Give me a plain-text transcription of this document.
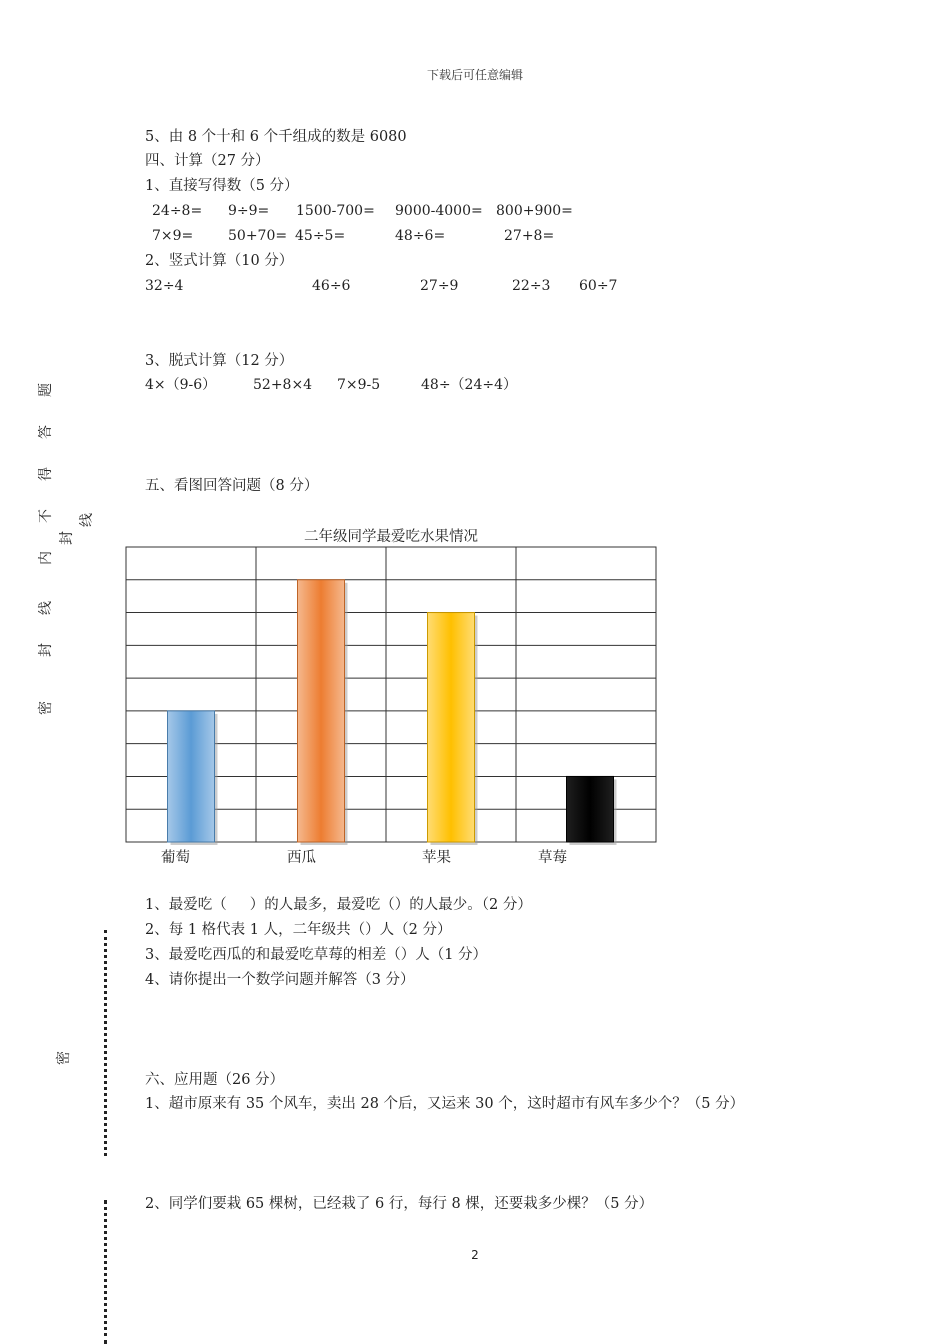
下载后可任意编辑
题
答
得
不
内
线
封
密
封
线
密
5、由 8 个十和 6 个千组成的数是 6080
四、计算（27 分）
1、直接写得数（5 分）
24÷8= 9÷9= 1500-700= 9000-4000= 800+900=
7×9= 50+70= 45÷5=	48÷6=	27+8=
2、竖式计算（10 分）
32÷4	46÷6	27÷9	22÷3 60÷7
3、脱式计算（12 分）
4×（9-6）	52+8×4 7×9-5	48÷（24÷4）
五、看图回答问题（8 分）
二年级同学最爱吃水果情况
葡萄	西瓜	苹果	草莓
1、最爱吃（     ）的人最多，最爱吃（）的人最少。（2 分）
2、每 1 格代表 1 人，二年级共（）人（2 分）
3、最爱吃西瓜的和最爱吃草莓的相差（）人（1 分）
4、请你提出一个数学问题并解答（3 分）
六、应用题（26 分）
1、超市原来有 35 个风车，卖出 28 个后，又运来 30 个，这时超市有风车多少个？（5 分）
2、同学们要栽 65 棵树，已经栽了 6 行，每行 8 棵，还要栽多少棵？（5 分）
2
